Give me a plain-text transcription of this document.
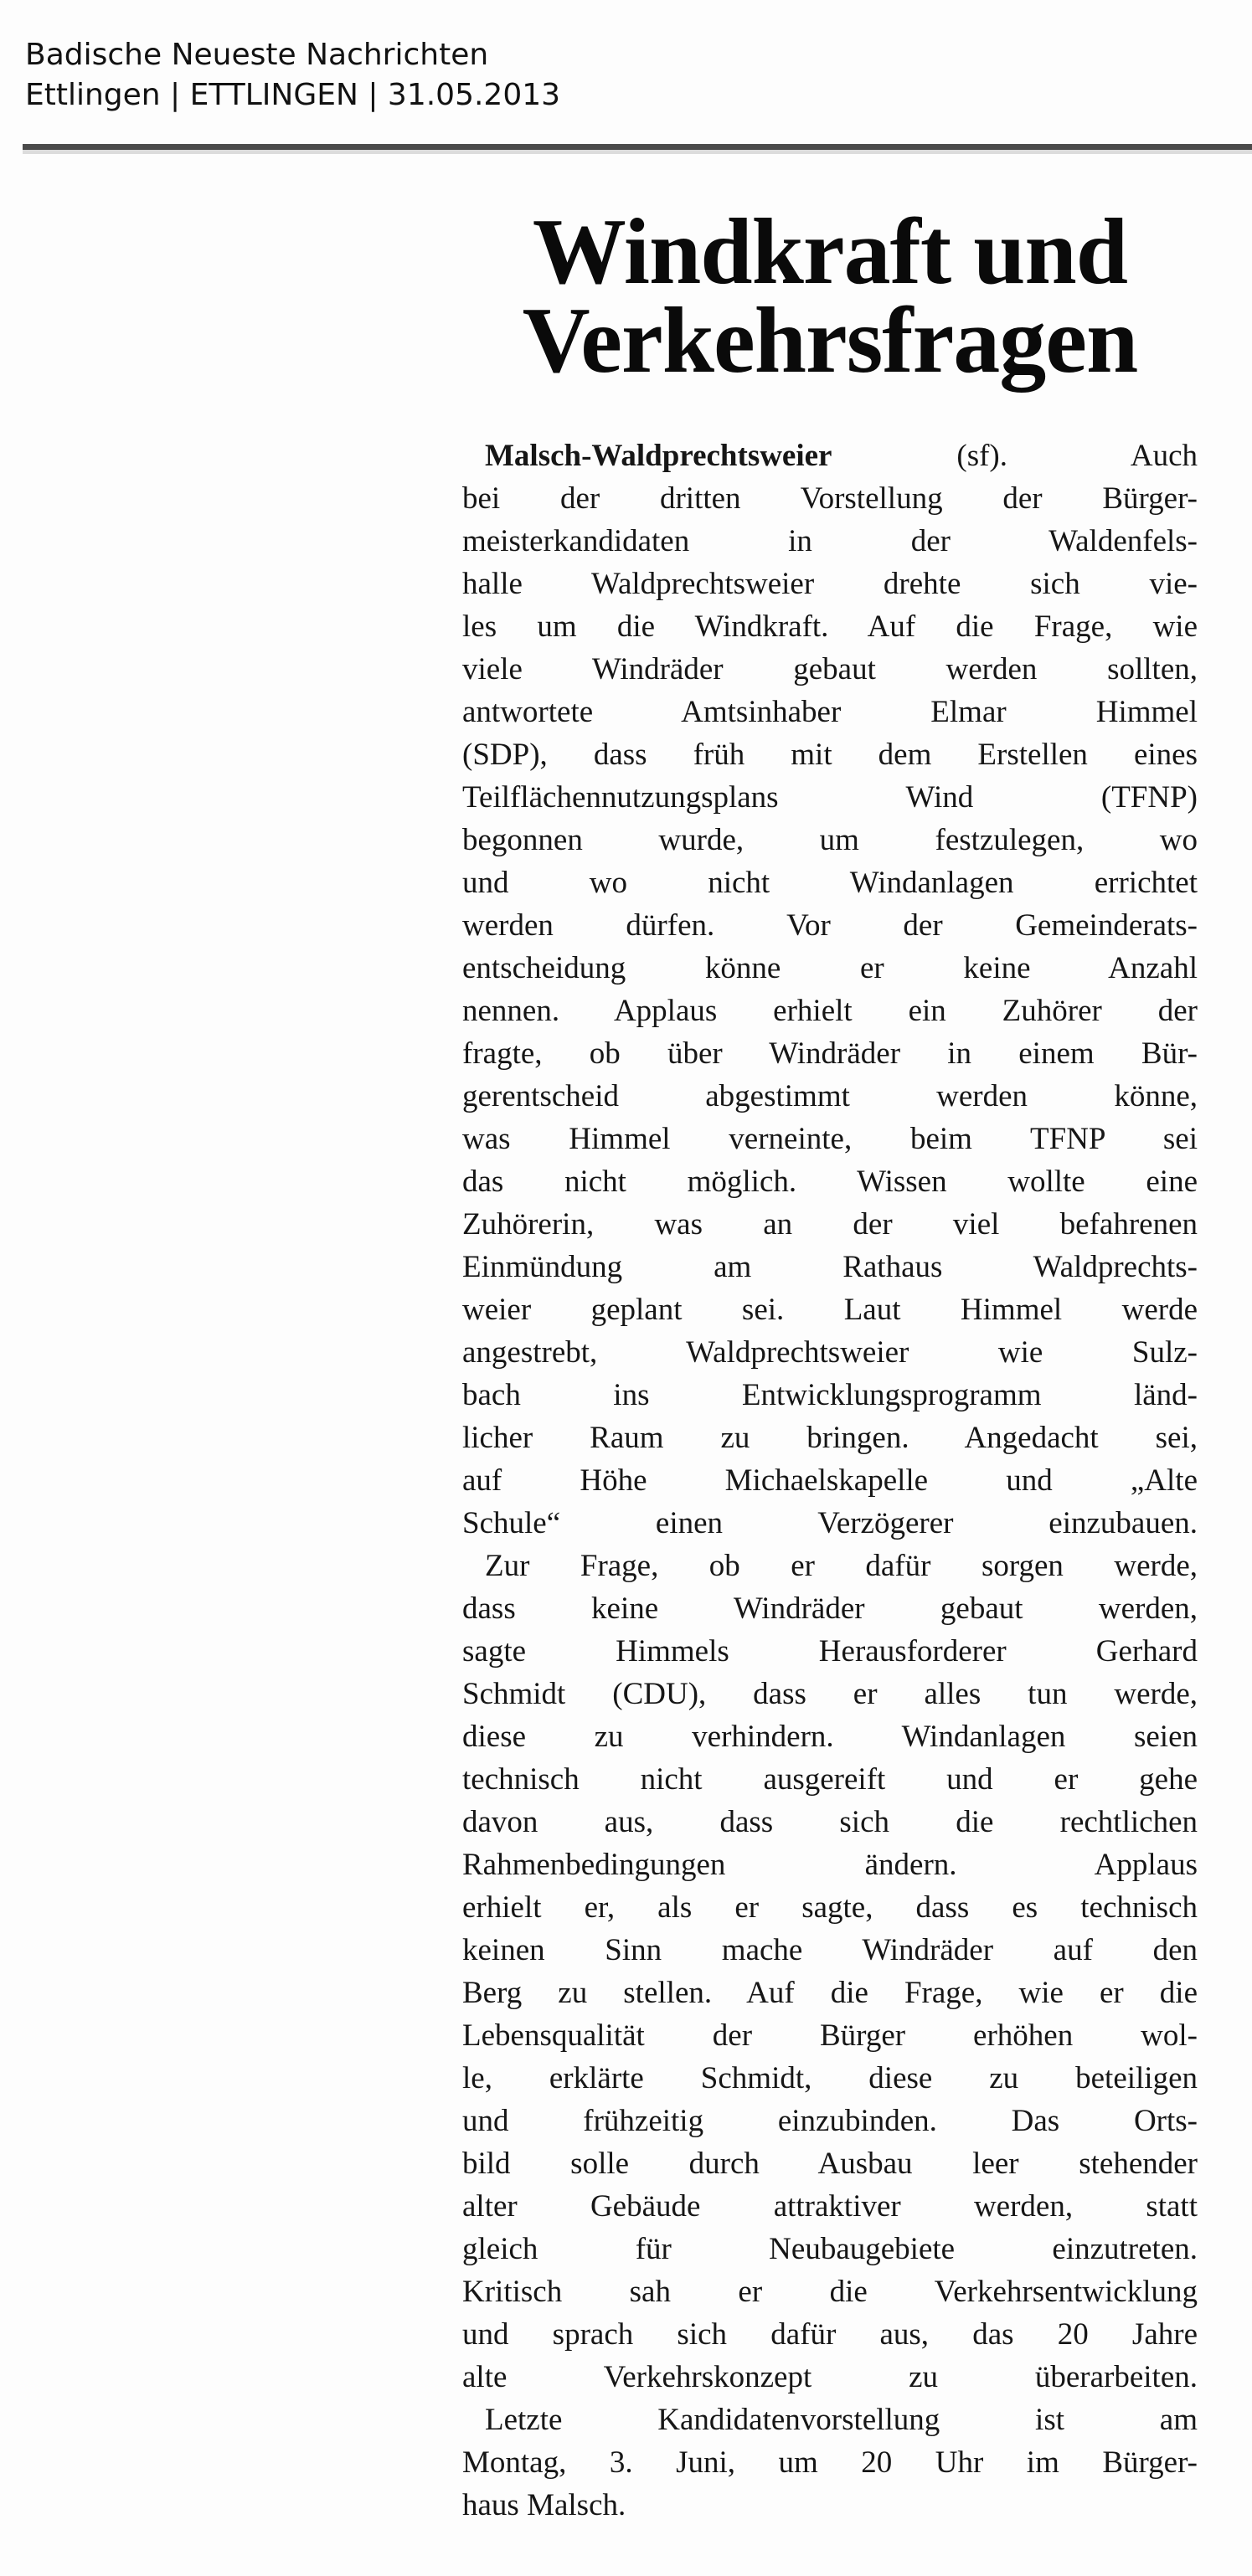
Badische Neueste Nachrichten
Ettlingen | ETTLINGEN | 31.05.2013
Windkraft und
Verkehrsfragen
Malsch-Waldprechtsweier (sf). Auch
bei der dritten Vorstellung der Bürger-
meisterkandidaten in der Waldenfels-
halle Waldprechtsweier drehte sich vie-
les um die Windkraft. Auf die Frage, wie
viele Windräder gebaut werden sollten,
antwortete Amtsinhaber Elmar Himmel
(SDP), dass früh mit dem Erstellen eines
Teilflächennutzungsplans Wind (TFNP)
begonnen wurde, um festzulegen, wo
und wo nicht Windanlagen errichtet
werden dürfen. Vor der Gemeinderats-
entscheidung könne er keine Anzahl
nennen. Applaus erhielt ein Zuhörer der
fragte, ob über Windräder in einem Bür-
gerentscheid abgestimmt werden könne,
was Himmel verneinte, beim TFNP sei
das nicht möglich. Wissen wollte eine
Zuhörerin, was an der viel befahrenen
Einmündung am Rathaus Waldprechts-
weier geplant sei. Laut Himmel werde
angestrebt, Waldprechtsweier wie Sulz-
bach ins Entwicklungsprogramm länd-
licher Raum zu bringen. Angedacht sei,
auf Höhe Michaelskapelle und „Alte
Schule“ einen Verzögerer einzubauen.
Zur Frage, ob er dafür sorgen werde,
dass keine Windräder gebaut werden,
sagte Himmels Herausforderer Gerhard
Schmidt (CDU), dass er alles tun werde,
diese zu verhindern. Windanlagen seien
technisch nicht ausgereift und er gehe
davon aus, dass sich die rechtlichen
Rahmenbedingungen ändern. Applaus
erhielt er, als er sagte, dass es technisch
keinen Sinn mache Windräder auf den
Berg zu stellen. Auf die Frage, wie er die
Lebensqualität der Bürger erhöhen wol-
le, erklärte Schmidt, diese zu beteiligen
und frühzeitig einzubinden. Das Orts-
bild solle durch Ausbau leer stehender
alter Gebäude attraktiver werden, statt
gleich für Neubaugebiete einzutreten.
Kritisch sah er die Verkehrsentwicklung
und sprach sich dafür aus, das 20 Jahre
alte Verkehrskonzept zu überarbeiten.
Letzte Kandidatenvorstellung ist am
Montag, 3. Juni, um 20 Uhr im Bürger-
haus Malsch.
